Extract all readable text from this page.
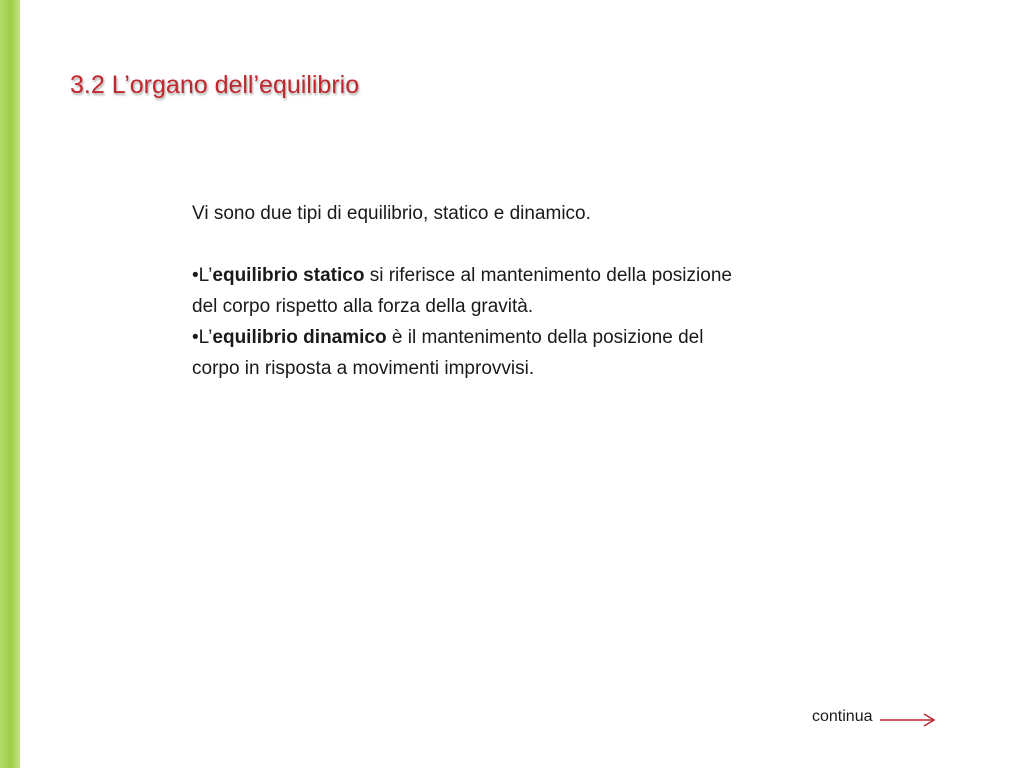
3.2 L’organo dell’equilibrio

Vi sono due tipi di equilibrio, statico e dinamico.

•L’equilibrio statico si riferisce al mantenimento della posizione
del corpo rispetto alla forza della gravità.

•L’equilibrio dinamico è il mantenimento della posizione del
corpo in risposta a movimenti improvvisi.

continua
